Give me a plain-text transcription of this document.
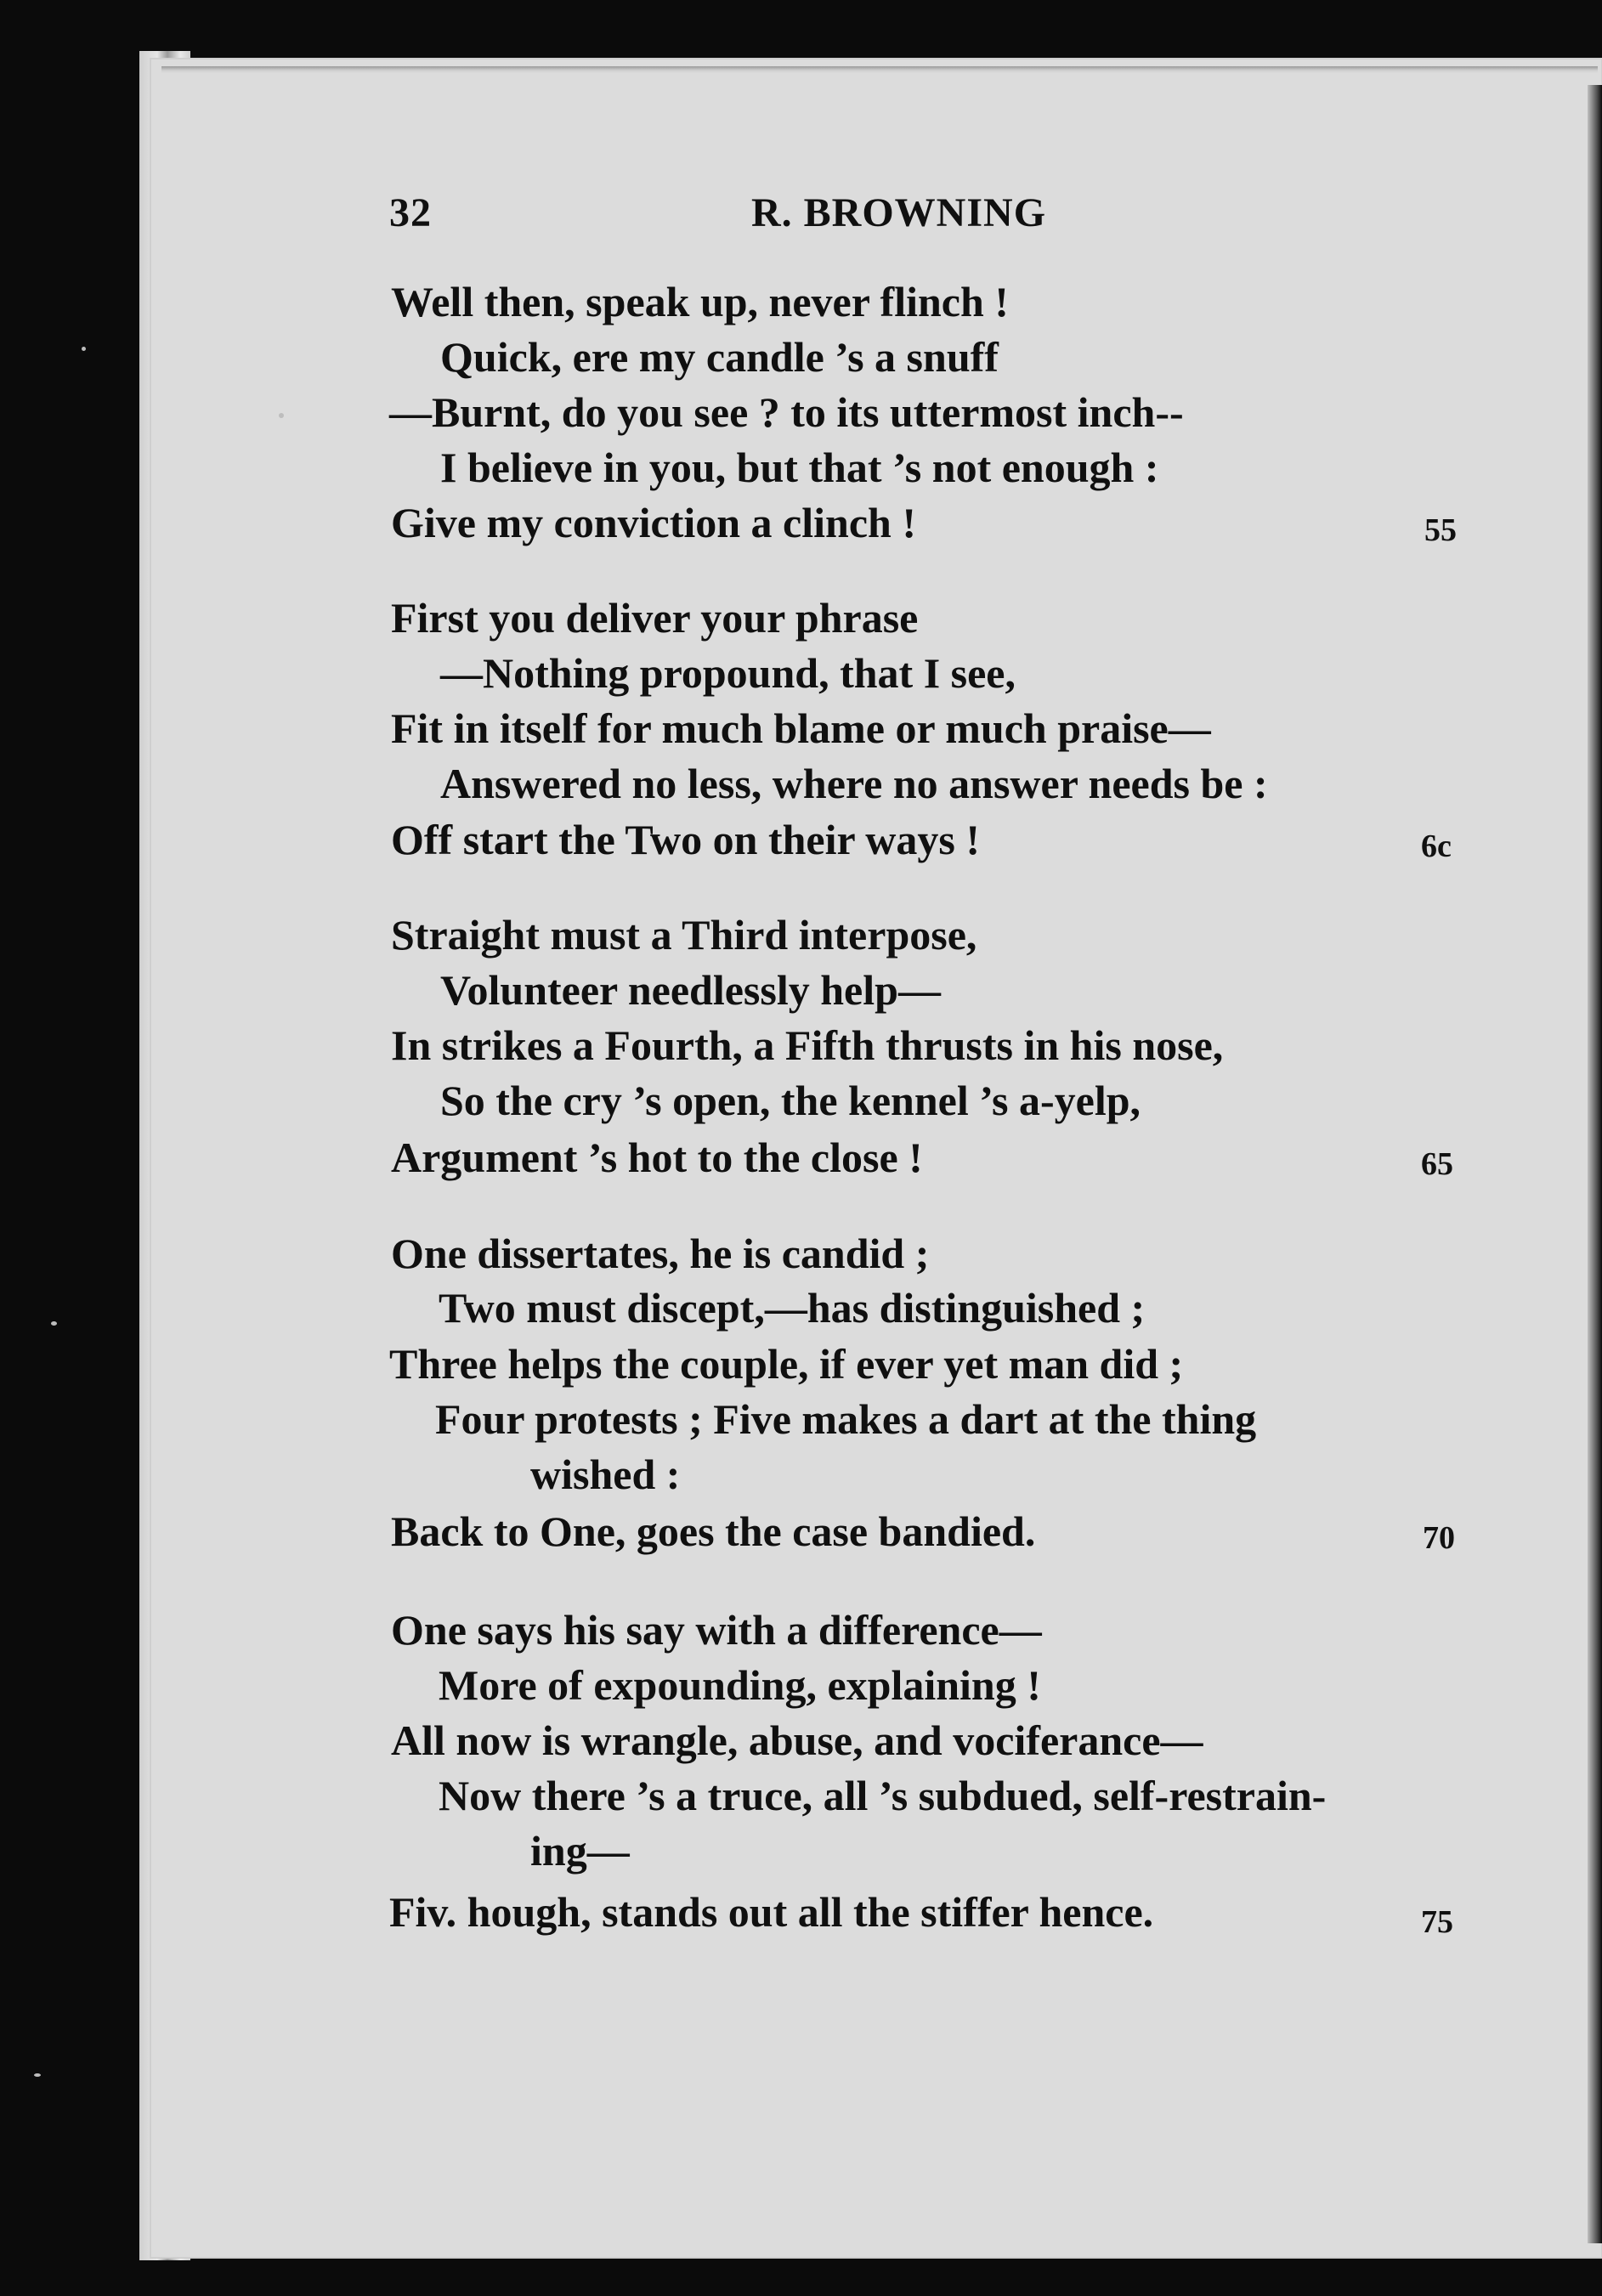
32	R. BROWNING
Well then, speak up, never flinch !
Quick, ere my candle ’s a snuff
—Burnt, do you see ? to its uttermost inch--
I believe in you, but that ’s not enough :
Give my conviction a clinch !	55
First you deliver your phrase
—Nothing propound, that I see,
Fit in itself for much blame or much praise—
Answered no less, where no answer needs be :
Off start the Two on their ways !	6c
Straight must a Third interpose,
Volunteer needlessly help—
In strikes a Fourth, a Fifth thrusts in his nose,
So the cry ’s open, the kennel ’s a-yelp,
Argument ’s hot to the close !	65
One dissertates, he is candid ;
Two must discept,—has distinguished ;
Three helps the couple, if ever yet man did ;
Four protests ; Five makes a dart at the thing
wished :
Back to One, goes the case bandied.	70
One says his say with a difference—
More of expounding, explaining !
All now is wrangle, abuse, and vociferance—
Now there ’s a truce, all ’s subdued, self-restrain-
ing—
Fiv. hough, stands out all the stiffer hence.	75
